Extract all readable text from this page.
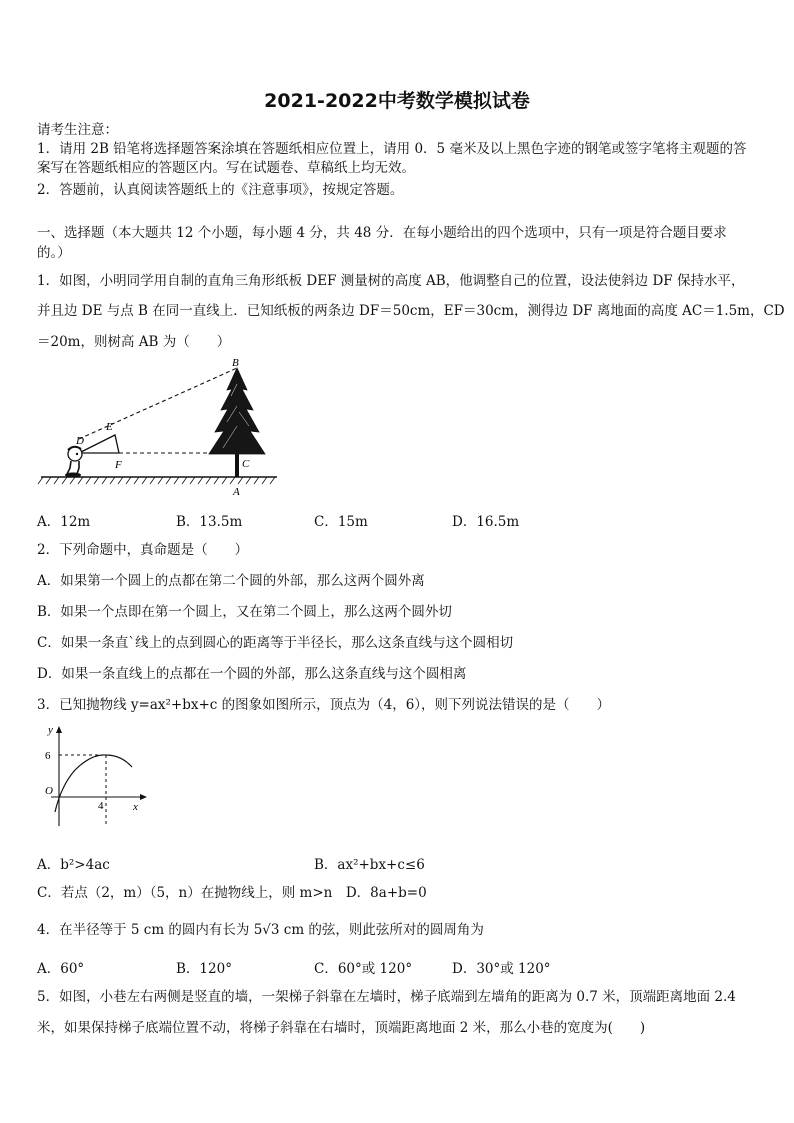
2021-2022中考数学模拟试卷
请考生注意：
1．请用 2B 铅笔将选择题答案涂填在答题纸相应位置上，请用 0．5 毫米及以上黑色字迹的钢笔或签字笔将主观题的答
案写在答题纸相应的答题区内。写在试题卷、草稿纸上均无效。
2．答题前，认真阅读答题纸上的《注意事项》，按规定答题。
一、选择题（本大题共 12 个小题，每小题 4 分，共 48 分．在每小题给出的四个选项中，只有一项是符合题目要求
的。）
1．如图，小明同学用自制的直角三角形纸板 DEF 测量树的高度 AB，他调整自己的位置，设法使斜边 DF 保持水平，
并且边 DE 与点 B 在同一直线上．已知纸板的两条边 DF＝50cm，EF＝30cm，测得边 DF 离地面的高度 AC＝1.5m，CD
＝20m，则树高 AB 为（　　）
B
E
D
F	C
A
A．12m	B．13.5m	C．15m	D．16.5m
2．下列命题中，真命题是（　　）
A．如果第一个圆上的点都在第二个圆的外部，那么这两个圆外离
B．如果一个点即在第一个圆上，又在第二个圆上，那么这两个圆外切
C．如果一条直`线上的点到圆心的距离等于半径长，那么这条直线与这个圆相切
D．如果一条直线上的点都在一个圆的外部，那么这条直线与这个圆相离
3．已知抛物线 y=ax²+bx+c 的图象如图所示，顶点为（4，6），则下列说法错误的是（　　）
y
6
O
4	x
A．b²>4ac	B．ax²+bx+c≤6
C．若点（2，m）（5，n）在抛物线上，则 m>n　D．8a+b=0
4．在半径等于 5 cm 的圆内有长为 5√3 cm 的弦，则此弦所对的圆周角为
A．60°	B．120°	C．60°或 120°	D．30°或 120°
5．如图，小巷左右两侧是竖直的墙，一架梯子斜靠在左墙时，梯子底端到左墙角的距离为 0.7 米，顶端距离地面 2.4
米，如果保持梯子底端位置不动，将梯子斜靠在右墙时，顶端距离地面 2 米，那么小巷的宽度为(　　)
